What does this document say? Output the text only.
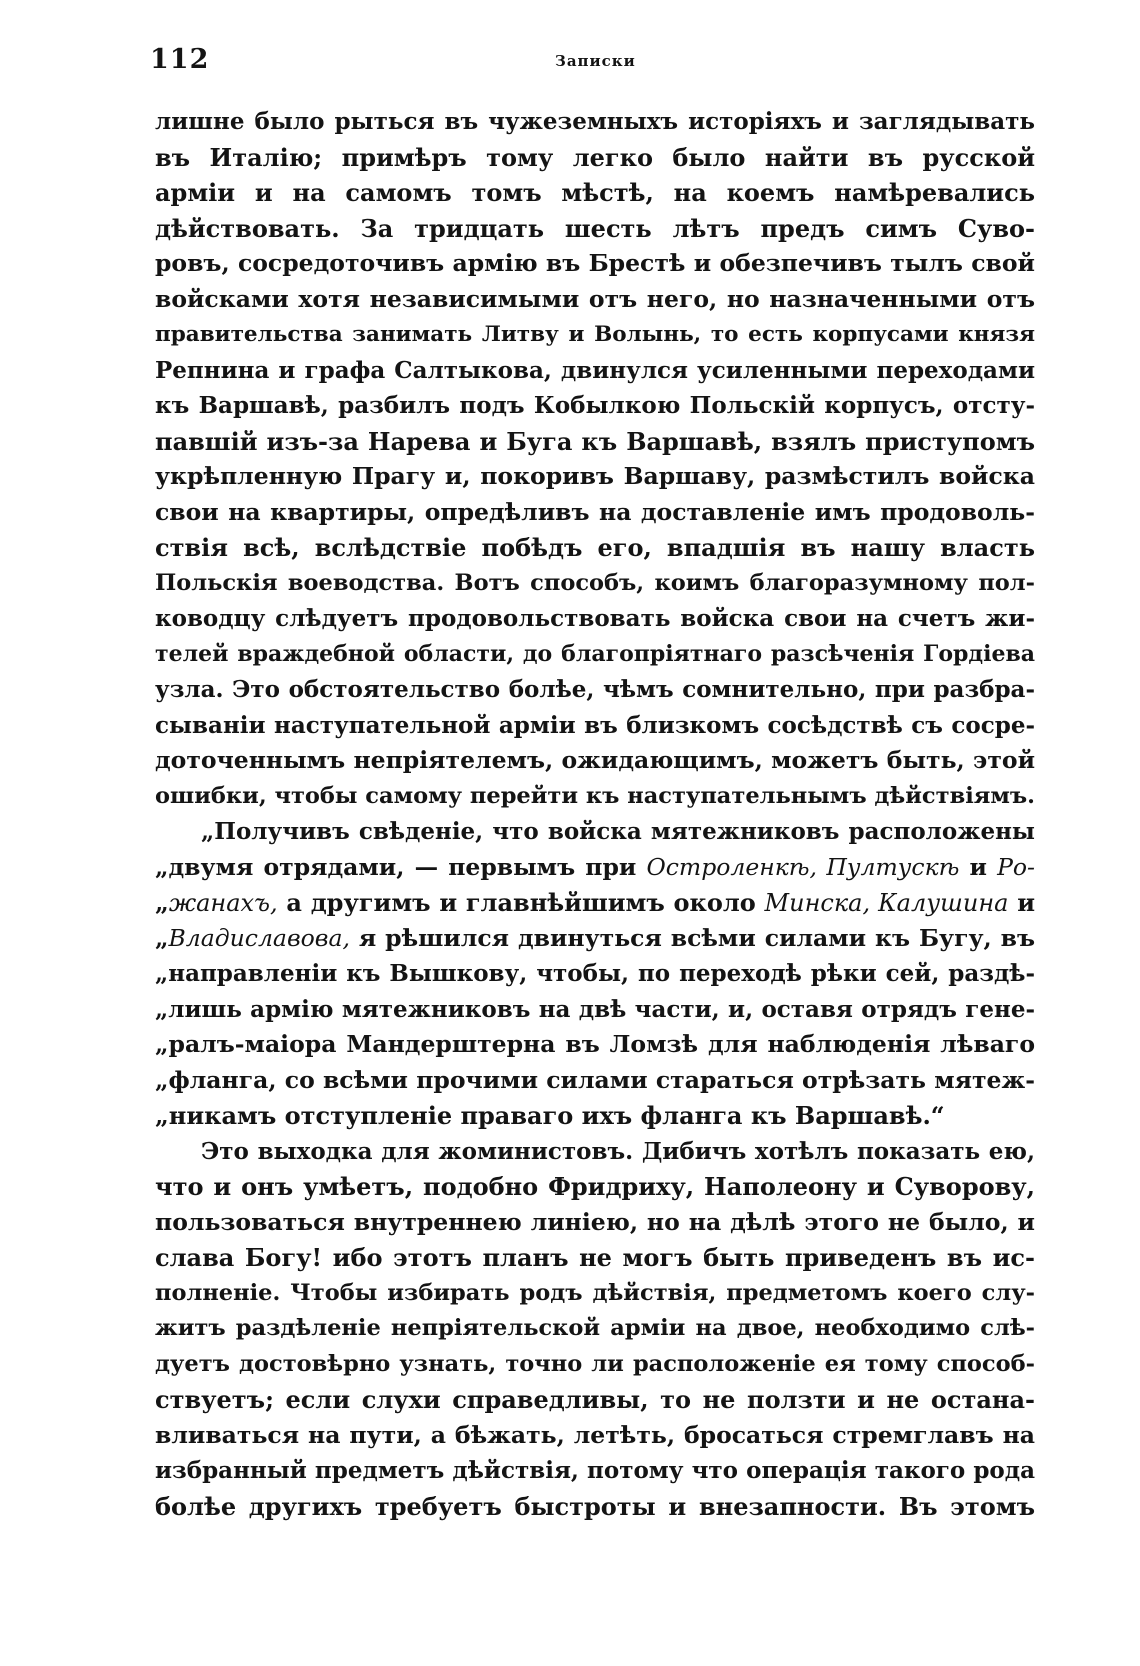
112	Записки
лишне было рыться въ чужеземныхъ исторіяхъ и заглядывать
въ Италію; примѣръ тому легко было найти въ русской
арміи и на самомъ томъ мѣстѣ, на коемъ намѣревались
дѣйствовать. За тридцать шесть лѣтъ предъ симъ Суво-
ровъ, сосредоточивъ армію въ Брестѣ и обезпечивъ тылъ свой
войсками хотя независимыми отъ него, но назначенными отъ
правительства занимать Литву и Волынь, то есть корпусами князя
Репнина и графа Салтыкова, двинулся усиленными переходами
къ Варшавѣ, разбилъ подъ Кобылкою Польскій корпусъ, отсту-
павшій изъ-за Нарева и Буга къ Варшавѣ, взялъ приступомъ
укрѣпленную Прагу и, покоривъ Варшаву, размѣстилъ войска
свои на квартиры, опредѣливъ на доставленіе имъ продоволь-
ствія всѣ, вслѣдствіе побѣдъ его, впадшія въ нашу власть
Польскія воеводства. Вотъ способъ, коимъ благоразумному пол-
ководцу слѣдуетъ продовольствовать войска свои на счетъ жи-
телей враждебной области, до благопріятнаго разсѣченія Гордіева
узла. Это обстоятельство болѣе, чѣмъ сомнительно, при разбра-
сываніи наступательной арміи въ близкомъ сосѣдствѣ съ сосре-
доточеннымъ непріятелемъ, ожидающимъ, можетъ быть, этой
ошибки, чтобы самому перейти къ наступательнымъ дѣйствіямъ.
„Получивъ свѣденіе, что войска мятежниковъ расположены
„двумя отрядами, — первымъ при Остроленкѣ, Пултускѣ и Ро-
„жанахъ, а другимъ и главнѣйшимъ около Минска, Калушина и
„Владиславова, я рѣшился двинуться всѣми силами къ Бугу, въ
„направленіи къ Вышкову, чтобы, по переходѣ рѣки сей, раздѣ-
„лишь армію мятежниковъ на двѣ части, и, оставя отрядъ гене-
„ралъ-маіора Мандерштерна въ Ломзѣ для наблюденія лѣваго
„фланга, со всѣми прочими силами стараться отрѣзать мятеж-
„никамъ отступленіе праваго ихъ фланга къ Варшавѣ.“
Это выходка для жоминистовъ. Дибичъ хотѣлъ показать ею,
что и онъ умѣетъ, подобно Фридриху, Наполеону и Суворову,
пользоваться внутреннею линіею, но на дѣлѣ этого не было, и
слава Богу! ибо этотъ планъ не могъ быть приведенъ въ ис-
полненіе. Чтобы избирать родъ дѣйствія, предметомъ коего слу-
житъ раздѣленіе непріятельской арміи на двое, необходимо слѣ-
дуетъ достовѣрно узнать, точно ли расположеніе ея тому способ-
ствуетъ; если слухи справедливы, то не ползти и не остана-
вливаться на пути, а бѣжать, летѣть, бросаться стремглавъ на
избранный предметъ дѣйствія, потому что операція такого рода
болѣе другихъ требуетъ быстроты и внезапности. Въ этомъ
